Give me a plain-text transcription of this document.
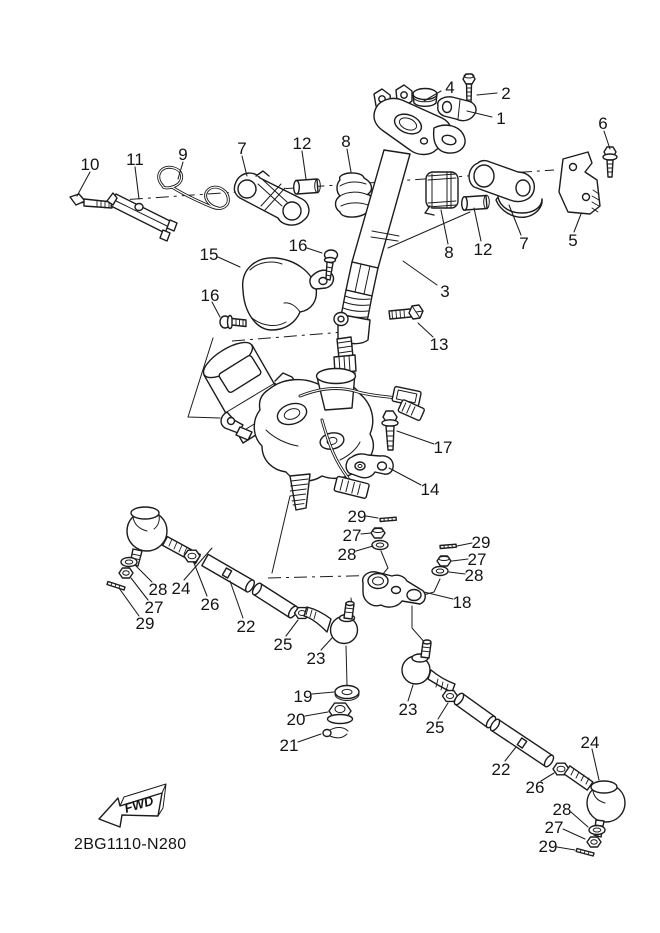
FWD
2BG1110-N280
4	2
1	6
10 11 9	7	12 8
8 12 7 5
15	16
16	3
13
17
14
29
27
28
29
27
28
18
28 24
27
29
26
22
25
23
19
20
21
23
25
22
26
24
28
27
29
